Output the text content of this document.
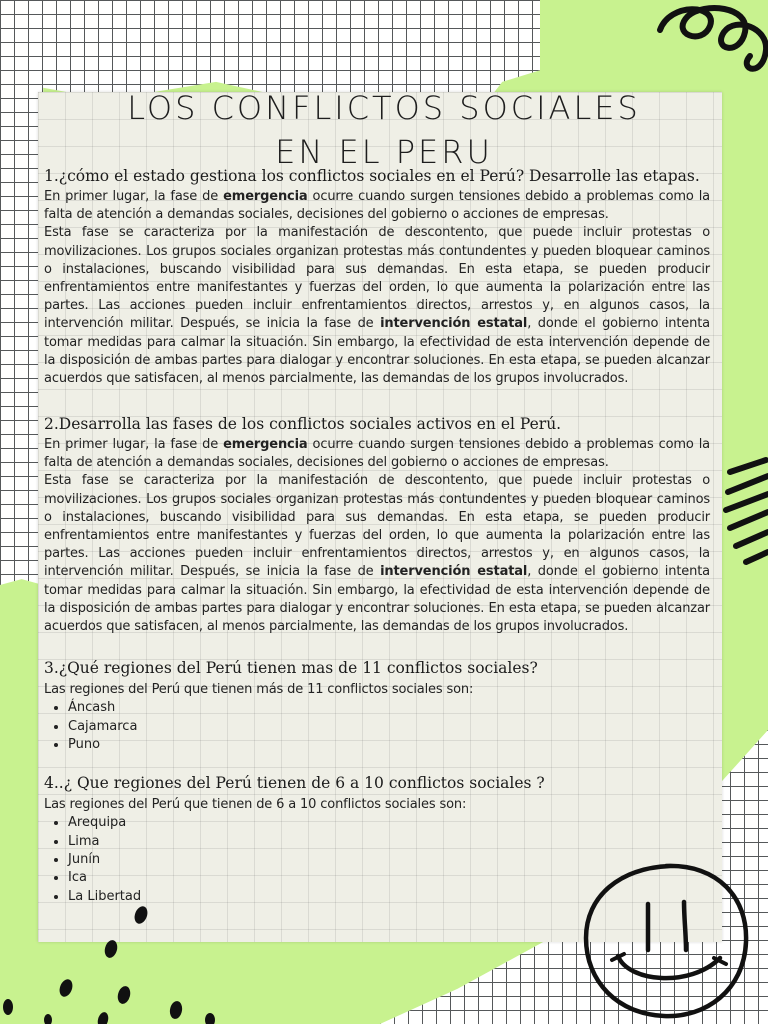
LOS CONFLICTOS SOCIALES
EN EL PERU

1.¿cómo el estado gestiona los conflictos sociales en el Perú? Desarrolle las etapas.

En primer lugar, la fase de emergencia ocurre cuando surgen tensiones debido a problemas como la falta de atención a demandas sociales, decisiones del gobierno o acciones de empresas.

Esta fase se caracteriza por la manifestación de descontento, que puede incluir protestas o movilizaciones. Los grupos sociales organizan protestas más contundentes y pueden bloquear caminos o instalaciones, buscando visibilidad para sus demandas. En esta etapa, se pueden producir enfrentamientos entre manifestantes y fuerzas del orden, lo que aumenta la polarización entre las partes. Las acciones pueden incluir enfrentamientos directos, arrestos y, en algunos casos, la intervención militar. Después, se inicia la fase de intervención estatal, donde el gobierno intenta tomar medidas para calmar la situación. Sin embargo, la efectividad de esta intervención depende de la disposición de ambas partes para dialogar y encontrar soluciones. En esta etapa, se pueden alcanzar acuerdos que satisfacen, al menos parcialmente, las demandas de los grupos involucrados.

2.Desarrolla las fases de los conflictos sociales activos en el Perú.

En primer lugar, la fase de emergencia ocurre cuando surgen tensiones debido a problemas como la falta de atención a demandas sociales, decisiones del gobierno o acciones de empresas.

Esta fase se caracteriza por la manifestación de descontento, que puede incluir protestas o movilizaciones. Los grupos sociales organizan protestas más contundentes y pueden bloquear caminos o instalaciones, buscando visibilidad para sus demandas. En esta etapa, se pueden producir enfrentamientos entre manifestantes y fuerzas del orden, lo que aumenta la polarización entre las partes. Las acciones pueden incluir enfrentamientos directos, arrestos y, en algunos casos, la intervención militar. Después, se inicia la fase de intervención estatal, donde el gobierno intenta tomar medidas para calmar la situación. Sin embargo, la efectividad de esta intervención depende de la disposición de ambas partes para dialogar y encontrar soluciones. En esta etapa, se pueden alcanzar acuerdos que satisfacen, al menos parcialmente, las demandas de los grupos involucrados.

3.¿Qué regiones del Perú tienen mas de 11 conflictos sociales?

Las regiones del Perú que tienen más de 11 conflictos sociales son:

• Áncash
• Cajamarca
• Puno

4..¿ Que regiones del Perú tienen de 6 a 10 conflictos sociales ?

Las regiones del Perú que tienen de 6 a 10 conflictos sociales son:

• Arequipa
• Lima
• Junín
• Ica
• La Libertad
